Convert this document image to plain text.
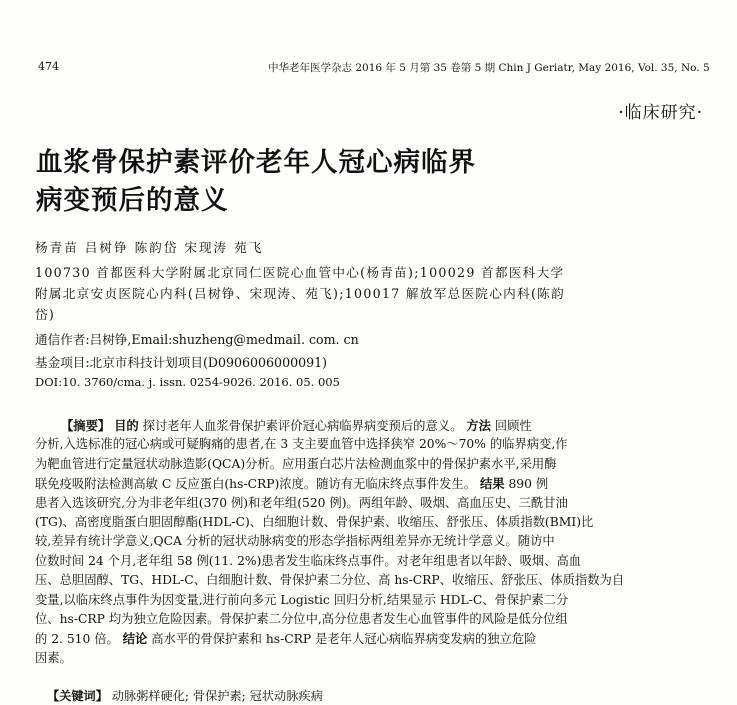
474	中华老年医学杂志 2016 年 5 月第 35 卷第 5 期 Chin J Geriatr, May 2016, Vol. 35, No. 5
·临床研究·
血浆骨保护素评价老年人冠心病临界
病变预后的意义
杨青苗 吕树铮 陈韵岱 宋现涛 苑飞
100730 首都医科大学附属北京同仁医院心血管中心(杨青苗);100029 首都医科大学
附属北京安贞医院心内科(吕树铮、宋现涛、苑飞);100017 解放军总医院心内科(陈韵
岱)
通信作者:吕树铮,Email:shuzheng@medmail. com. cn
基金项目:北京市科技计划项目(D0906006000091)
DOI:10. 3760/cma. j. issn. 0254-9026. 2016. 05. 005
【摘要】 目的 探讨老年人血浆骨保护素评价冠心病临界病变预后的意义。 方法 回顾性
分析,入选标准的冠心病或可疑胸痛的患者,在 3 支主要血管中选择狭窄 20%～70% 的临界病变,作
为靶血管进行定量冠状动脉造影(QCA)分析。应用蛋白芯片法检测血浆中的骨保护素水平,采用酶
联免疫吸附法检测高敏 C 反应蛋白(hs-CRP)浓度。随访有无临床终点事件发生。 结果 890 例
患者入选该研究,分为非老年组(370 例)和老年组(520 例)。两组年龄、吸烟、高血压史、三酰甘油
(TG)、高密度脂蛋白胆固醇酯(HDL-C)、白细胞计数、骨保护素、收缩压、舒张压、体质指数(BMI)比
较,差异有统计学意义,QCA 分析的冠状动脉病变的形态学指标两组差异亦无统计学意义。随访中
位数时间 24 个月,老年组 58 例(11. 2%)患者发生临床终点事件。对老年组患者以年龄、吸烟、高血
压、总胆固醇、TG、HDL-C、白细胞计数、骨保护素二分位、高 hs-CRP、收缩压、舒张压、体质指数为自
变量,以临床终点事件为因变量,进行前向多元 Logistic 回归分析,结果显示 HDL-C、骨保护素二分
位、hs-CRP 均为独立危险因素。骨保护素二分位中,高分位患者发生心血管事件的风险是低分位组
的 2. 510 倍。 结论 高水平的骨保护素和 hs-CRP 是老年人冠心病临界病变发病的独立危险
因素。
【关键词】 动脉粥样硬化; 骨保护素; 冠状动脉疾病
